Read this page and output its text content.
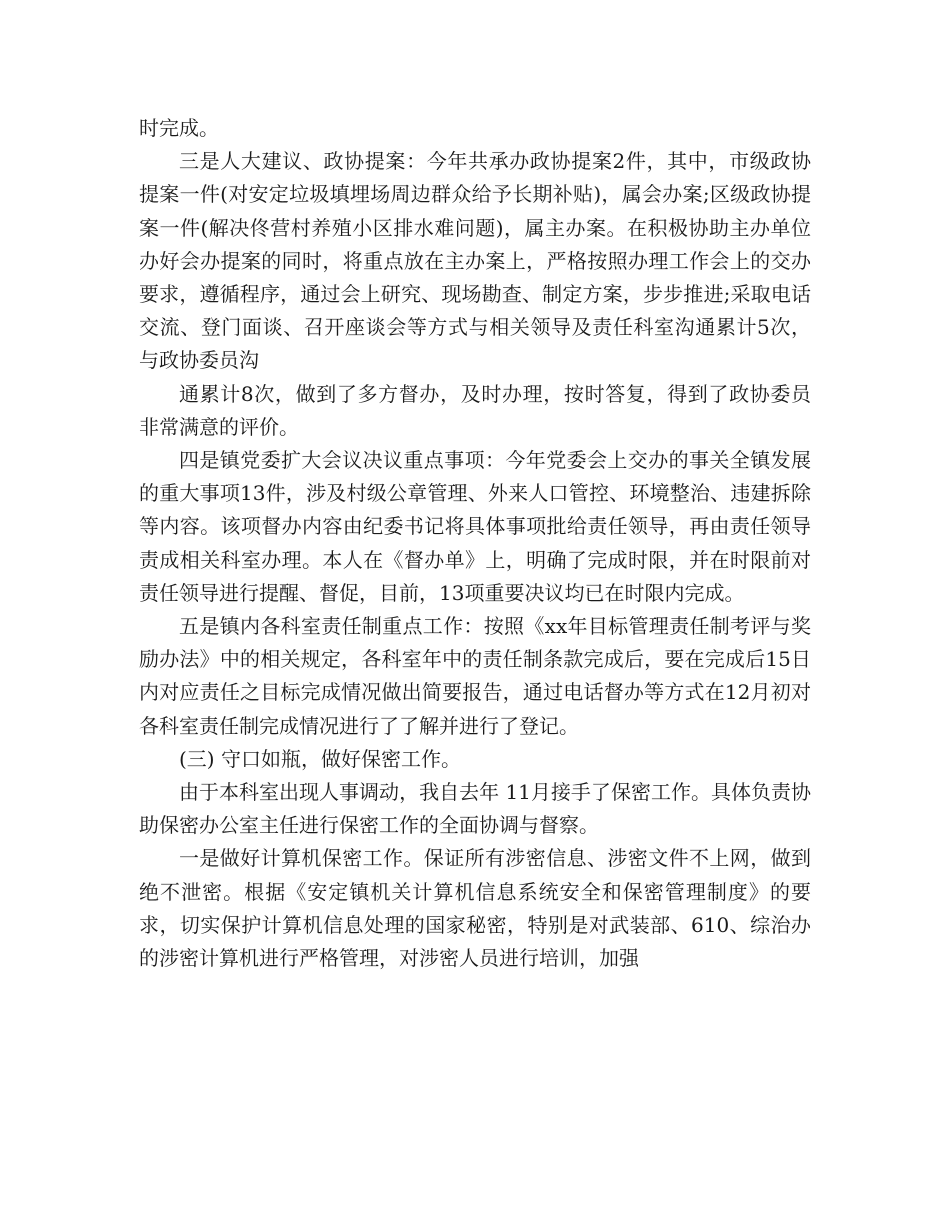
时完成。

三是人大建议、政协提案：今年共承办政协提案2件，其中，市级政协提案一件(对安定垃圾填埋场周边群众给予长期补贴)，属会办案;区级政协提案一件(解决佟营村养殖小区排水难问题)，属主办案。在积极协助主办单位办好会办提案的同时，将重点放在主办案上，严格按照办理工作会上的交办要求，遵循程序，通过会上研究、现场勘查、制定方案，步步推进;采取电话交流、登门面谈、召开座谈会等方式与相关领导及责任科室沟通累计5次，与政协委员沟

通累计8次，做到了多方督办，及时办理，按时答复，得到了政协委员非常满意的评价。

四是镇党委扩大会议决议重点事项：今年党委会上交办的事关全镇发展的重大事项13件，涉及村级公章管理、外来人口管控、环境整治、违建拆除等内容。该项督办内容由纪委书记将具体事项批给责任领导，再由责任领导责成相关科室办理。本人在《督办单》上，明确了完成时限，并在时限前对责任领导进行提醒、督促，目前，13项重要决议均已在时限内完成。

五是镇内各科室责任制重点工作：按照《xx年目标管理责任制考评与奖励办法》中的相关规定，各科室年中的责任制条款完成后，要在完成后15日内对应责任之目标完成情况做出简要报告，通过电话督办等方式在12月初对各科室责任制完成情况进行了了解并进行了登记。

(三) 守口如瓶，做好保密工作。

由于本科室出现人事调动，我自去年 11月接手了保密工作。具体负责协助保密办公室主任进行保密工作的全面协调与督察。

一是做好计算机保密工作。保证所有涉密信息、涉密文件不上网，做到绝不泄密。根据《安定镇机关计算机信息系统安全和保密管理制度》的要求，切实保护计算机信息处理的国家秘密，特别是对武装部、610、综治办的涉密计算机进行严格管理，对涉密人员进行培训，加强
